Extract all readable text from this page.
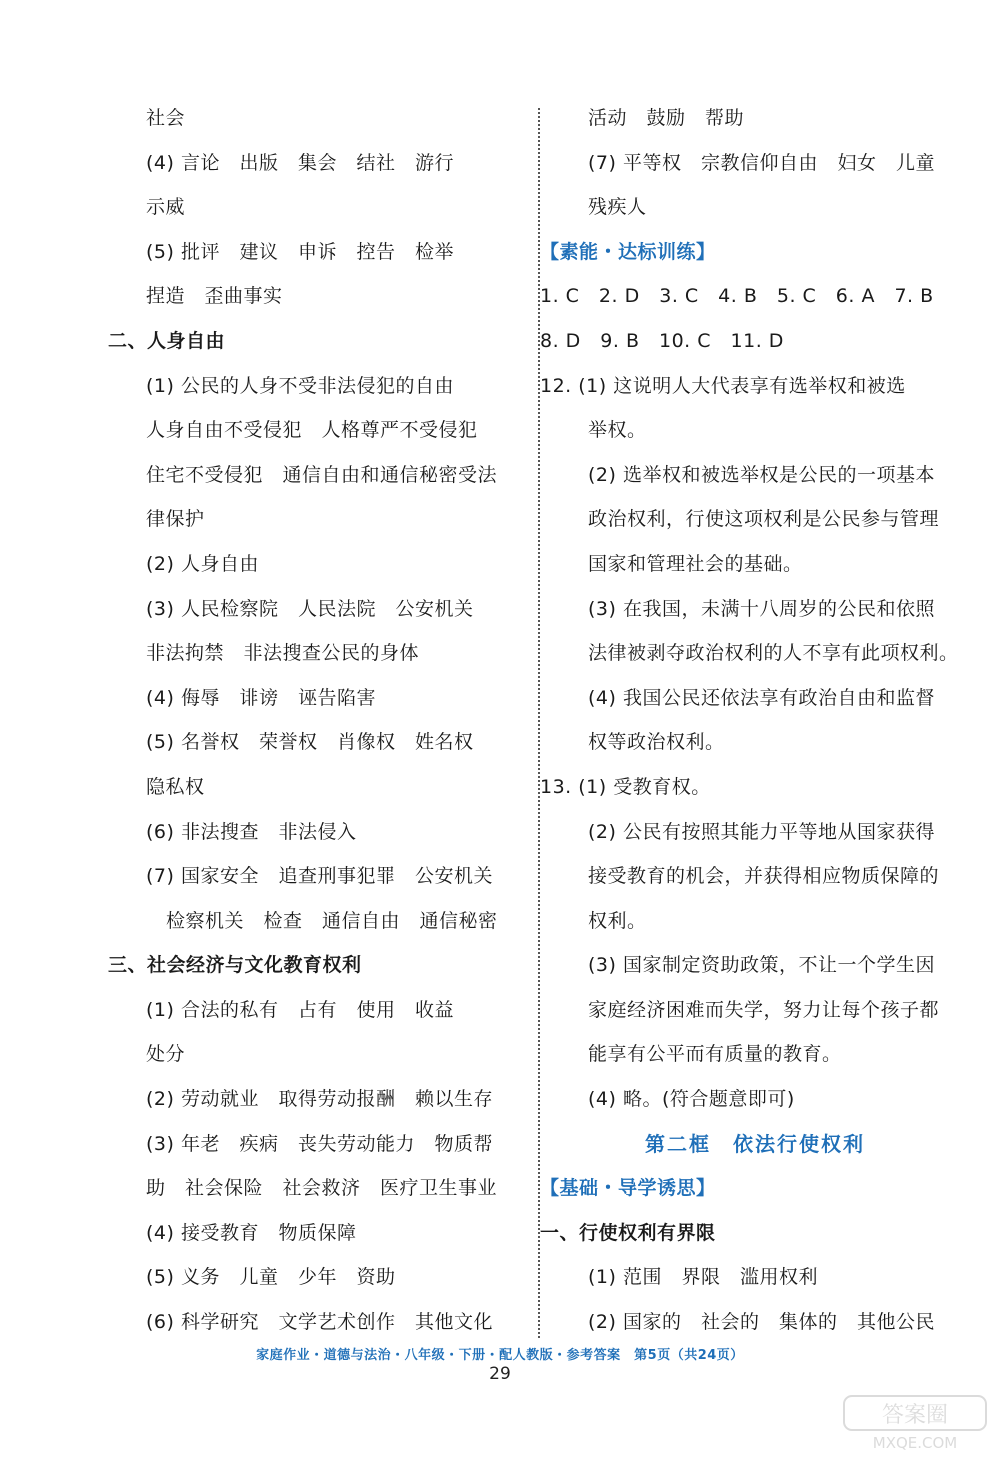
社会
(4) 言论　出版　集会　结社　游行
示威
(5) 批评　建议　申诉　控告　检举
捏造　歪曲事实
二、人身自由
(1) 公民的人身不受非法侵犯的自由
人身自由不受侵犯　人格尊严不受侵犯
住宅不受侵犯　通信自由和通信秘密受法
律保护
(2) 人身自由
(3) 人民检察院　人民法院　公安机关
非法拘禁　非法搜查公民的身体
(4) 侮辱　诽谤　诬告陷害
(5) 名誉权　荣誉权　肖像权　姓名权
隐私权
(6) 非法搜查　非法侵入
(7) 国家安全　追查刑事犯罪　公安机关
检察机关　检查　通信自由　通信秘密
三、社会经济与文化教育权利
(1) 合法的私有　占有　使用　收益
处分
(2) 劳动就业　取得劳动报酬　赖以生存
(3) 年老　疾病　丧失劳动能力　物质帮
助　社会保险　社会救济　医疗卫生事业
(4) 接受教育　物质保障
(5) 义务　儿童　少年　资助
(6) 科学研究　文学艺术创作　其他文化
活动　鼓励　帮助
(7) 平等权　宗教信仰自由　妇女　儿童
残疾人
【素能・达标训练】
1. C　2. D　3. C　4. B　5. C　6. A　7. B
8. D　9. B　10. C　11. D
12. (1) 这说明人大代表享有选举权和被选
举权。
(2) 选举权和被选举权是公民的一项基本
政治权利，行使这项权利是公民参与管理
国家和管理社会的基础。
(3) 在我国，未满十八周岁的公民和依照
法律被剥夺政治权利的人不享有此项权利。
(4) 我国公民还依法享有政治自由和监督
权等政治权利。
13. (1) 受教育权。
(2) 公民有按照其能力平等地从国家获得
接受教育的机会，并获得相应物质保障的
权利。
(3) 国家制定资助政策，不让一个学生因
家庭经济困难而失学，努力让每个孩子都
能享有公平而有质量的教育。
(4) 略。(符合题意即可)
第二框　依法行使权利
【基础・导学诱思】
一、行使权利有界限
(1) 范围　界限　滥用权利
(2) 国家的　社会的　集体的　其他公民
家庭作业・道德与法治・八年级・下册・配人教版・参考答案　第5页（共24页）
29
答案圈
MXQE.COM
